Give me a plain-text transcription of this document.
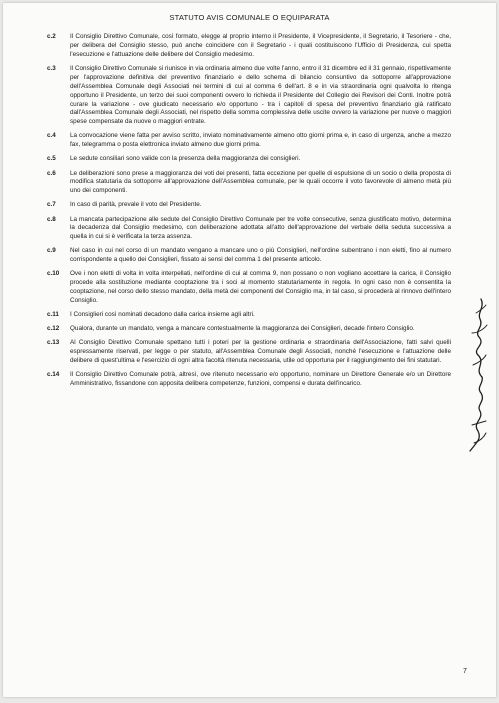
STATUTO AVIS COMUNALE O EQUIPARATA
c.2	Il Consiglio Direttivo Comunale, così formato, elegge al proprio interno il Presidente, il Vicepresidente, il Segretario, il Tesoriere - che, per delibera del Consiglio stesso, può anche coincidere con il Segretario - i quali costituiscono l'Ufficio di Presidenza, cui spetta l'esecuzione e l'attuazione delle delibere del Consiglio medesimo.
c.3	Il Consiglio Direttivo Comunale si riunisce in via ordinaria almeno due volte l'anno, entro il 31 dicembre ed il 31 gennaio, rispettivamente per l'approvazione definitiva del preventivo finanziario e dello schema di bilancio consuntivo da sottoporre all'approvazione dell'Assemblea Comunale degli Associati nei termini di cui al comma 6 dell'art. 8 e in via straordinaria ogni qualvolta lo ritenga opportuno il Presidente, un terzo dei suoi componenti ovvero lo richieda il Presidente del Collegio dei Revisori dei Conti. Inoltre potrà curare la variazione - ove giudicato necessario e/o opportuno - tra i capitoli di spesa del preventivo finanziario già ratificato dall'Assemblea Comunale degli Associati, nel rispetto della somma complessiva delle uscite ovvero la variazione per nuove o maggiori spese compensate da nuove o maggiori entrate.
c.4	La convocazione viene fatta per avviso scritto, inviato nominativamente almeno otto giorni prima e, in caso di urgenza, anche a mezzo fax, telegramma o posta elettronica inviato almeno due giorni prima.
c.5	Le sedute consiliari sono valide con la presenza della maggioranza dei consiglieri.
c.6	Le deliberazioni sono prese a maggioranza dei voti dei presenti, fatta eccezione per quelle di espulsione di un socio o della proposta di modifica statutaria da sottoporre all'approvazione dell'Assemblea comunale, per le quali occorre il voto favorevole di almeno metà più uno dei componenti.
c.7	In caso di parità, prevale il voto del Presidente.
c.8	La mancata partecipazione alle sedute del Consiglio Direttivo Comunale per tre volte consecutive, senza giustificato motivo, determina la decadenza dal Consiglio medesimo, con deliberazione adottata all'atto dell'approvazione del verbale della seduta successiva a quella in cui si è verificata la terza assenza.
c.9	Nel caso in cui nel corso di un mandato vengano a mancare uno o più Consiglieri, nell'ordine subentrano i non eletti, fino al numero corrispondente a quello dei Consiglieri, fissato ai sensi del comma 1 del presente articolo.
c.10	Ove i non eletti di volta in volta interpellati, nell'ordine di cui al comma 9, non possano o non vogliano accettare la carica, il Consiglio procede alla sostituzione mediante cooptazione tra i soci al momento statutariamente in regola. In ogni caso non è consentita la cooptazione, nel corso dello stesso mandato, della metà dei componenti del Consiglio ma, in tal caso, si procederà al rinnovo dell'intero Consiglio.
c.11	I Consiglieri così nominati decadono dalla carica insieme agli altri.
c.12	Qualora, durante un mandato, venga a mancare contestualmente la maggioranza dei Consiglieri, decade l'intero Consiglio.
c.13	Al Consiglio Direttivo Comunale spettano tutti i poteri per la gestione ordinaria e straordinaria dell'Associazione, fatti salvi quelli espressamente riservati, per legge o per statuto, all'Assemblea Comunale degli Associati, nonché l'esecuzione e l'attuazione delle delibere di quest'ultima e l'esercizio di ogni altra facoltà ritenuta necessaria, utile od opportuna per il raggiungimento dei fini statutari.
c.14	Il Consiglio Direttivo Comunale potrà, altresì, ove ritenuto necessario e/o opportuno, nominare un Direttore Generale e/o un Direttore Amministrativo, fissandone con apposita delibera competenze, funzioni, compensi e durata dell'incarico.
7
